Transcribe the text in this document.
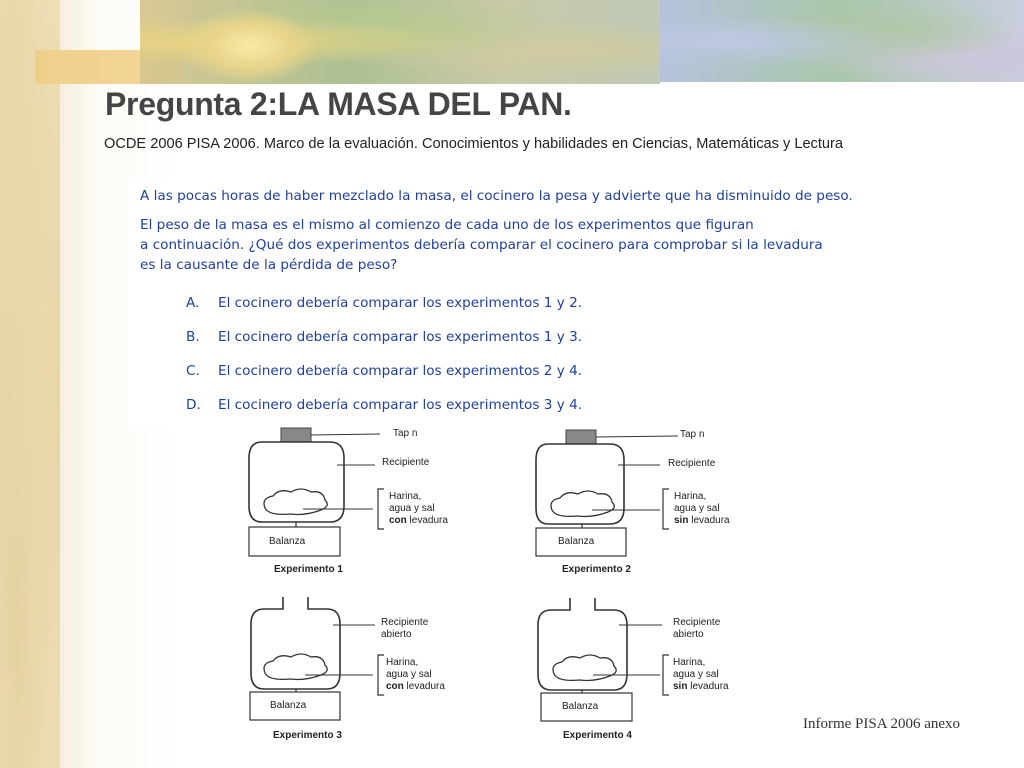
Pregunta 2:LA MASA DEL PAN.
OCDE 2006 PISA 2006. Marco de la evaluación. Conocimientos y habilidades en Ciencias, Matemáticas y Lectura

A las pocas horas de haber mezclado la masa, el cocinero la pesa y advierte que ha disminuido de peso.

El peso de la masa es el mismo al comienzo de cada uno de los experimentos que figuran

a continuación. ¿Qué dos experimentos debería comparar el cocinero para comprobar si la levadura

es la causante de la pérdida de peso?

A. El cocinero debería comparar los experimentos 1 y 2.

B. El cocinero debería comparar los experimentos 1 y 3.

C. El cocinero debería comparar los experimentos 2 y 4.

D. El cocinero debería comparar los experimentos 3 y 4.

Tap n
Recipiente
Harina,
agua y sal
con levadura
Balanza
Experimento 1
Tap n
Recipiente
Harina,
agua y sal
sin levadura
Balanza
Experimento 2
Recipiente
abierto
Harina,
agua y sal
con levadura
Balanza
Experimento 3
Recipiente
abierto
Harina,
agua y sal
sin levadura
Balanza
Experimento 4
Informe PISA 2006 anexo
